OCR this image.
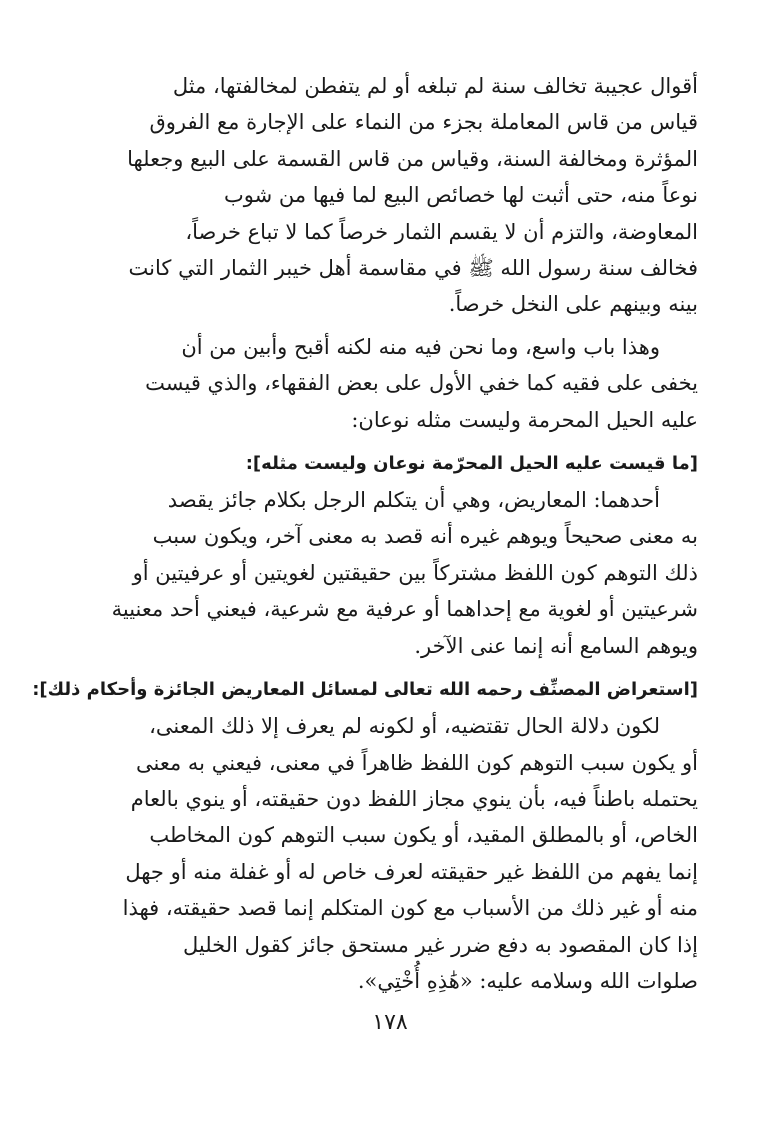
أقوال عجيبة تخالف سنة لم تبلغه أو لم يتفطن لمخالفتها، مثل
قياس من قاس المعاملة بجزء من النماء على الإجارة مع الفروق
المؤثرة ومخالفة السنة، وقياس من قاس القسمة على البيع وجعلها
نوعاً منه، حتى أثبت لها خصائص البيع لما فيها من شوب
المعاوضة، والتزم أن لا يقسم الثمار خرصاً كما لا تباع خرصاً،
فخالف سنة رسول الله ﷺ في مقاسمة أهل خيبر الثمار التي كانت
بينه وبينهم على النخل خرصاً.
وهذا باب واسع، وما نحن فيه منه لكنه أقبح وأبين من أن
يخفى على فقيه كما خفي الأول على بعض الفقهاء، والذي قيست
عليه الحيل المحرمة وليست مثله نوعان:
[ما قيست عليه الحيل المحرّمة نوعان وليست مثله]:
أحدهما: المعاريض، وهي أن يتكلم الرجل بكلام جائز يقصد
به معنى صحيحاً ويوهم غيره أنه قصد به معنى آخر، ويكون سبب
ذلك التوهم كون اللفظ مشتركاً بين حقيقتين لغويتين أو عرفيتين أو
شرعيتين أو لغوية مع إحداهما أو عرفية مع شرعية، فيعني أحد معنيية
ويوهم السامع أنه إنما عنى الآخر.
[استعراض المصنِّف رحمه الله تعالى لمسائل المعاريض الجائزة وأحكام ذلك]:
لكون دلالة الحال تقتضيه، أو لكونه لم يعرف إلا ذلك المعنى،
أو يكون سبب التوهم كون اللفظ ظاهراً في معنى، فيعني به معنى
يحتمله باطناً فيه، بأن ينوي مجاز اللفظ دون حقيقته، أو ينوي بالعام
الخاص، أو بالمطلق المقيد، أو يكون سبب التوهم كون المخاطب
إنما يفهم من اللفظ غير حقيقته لعرف خاص له أو غفلة منه أو جهل
منه أو غير ذلك من الأسباب مع كون المتكلم إنما قصد حقيقته، فهذا
إذا كان المقصود به دفع ضرر غير مستحق جائز كقول الخليل
صلوات الله وسلامه عليه: «هَٰذِهِ أُخْتِي».
١٧٨
